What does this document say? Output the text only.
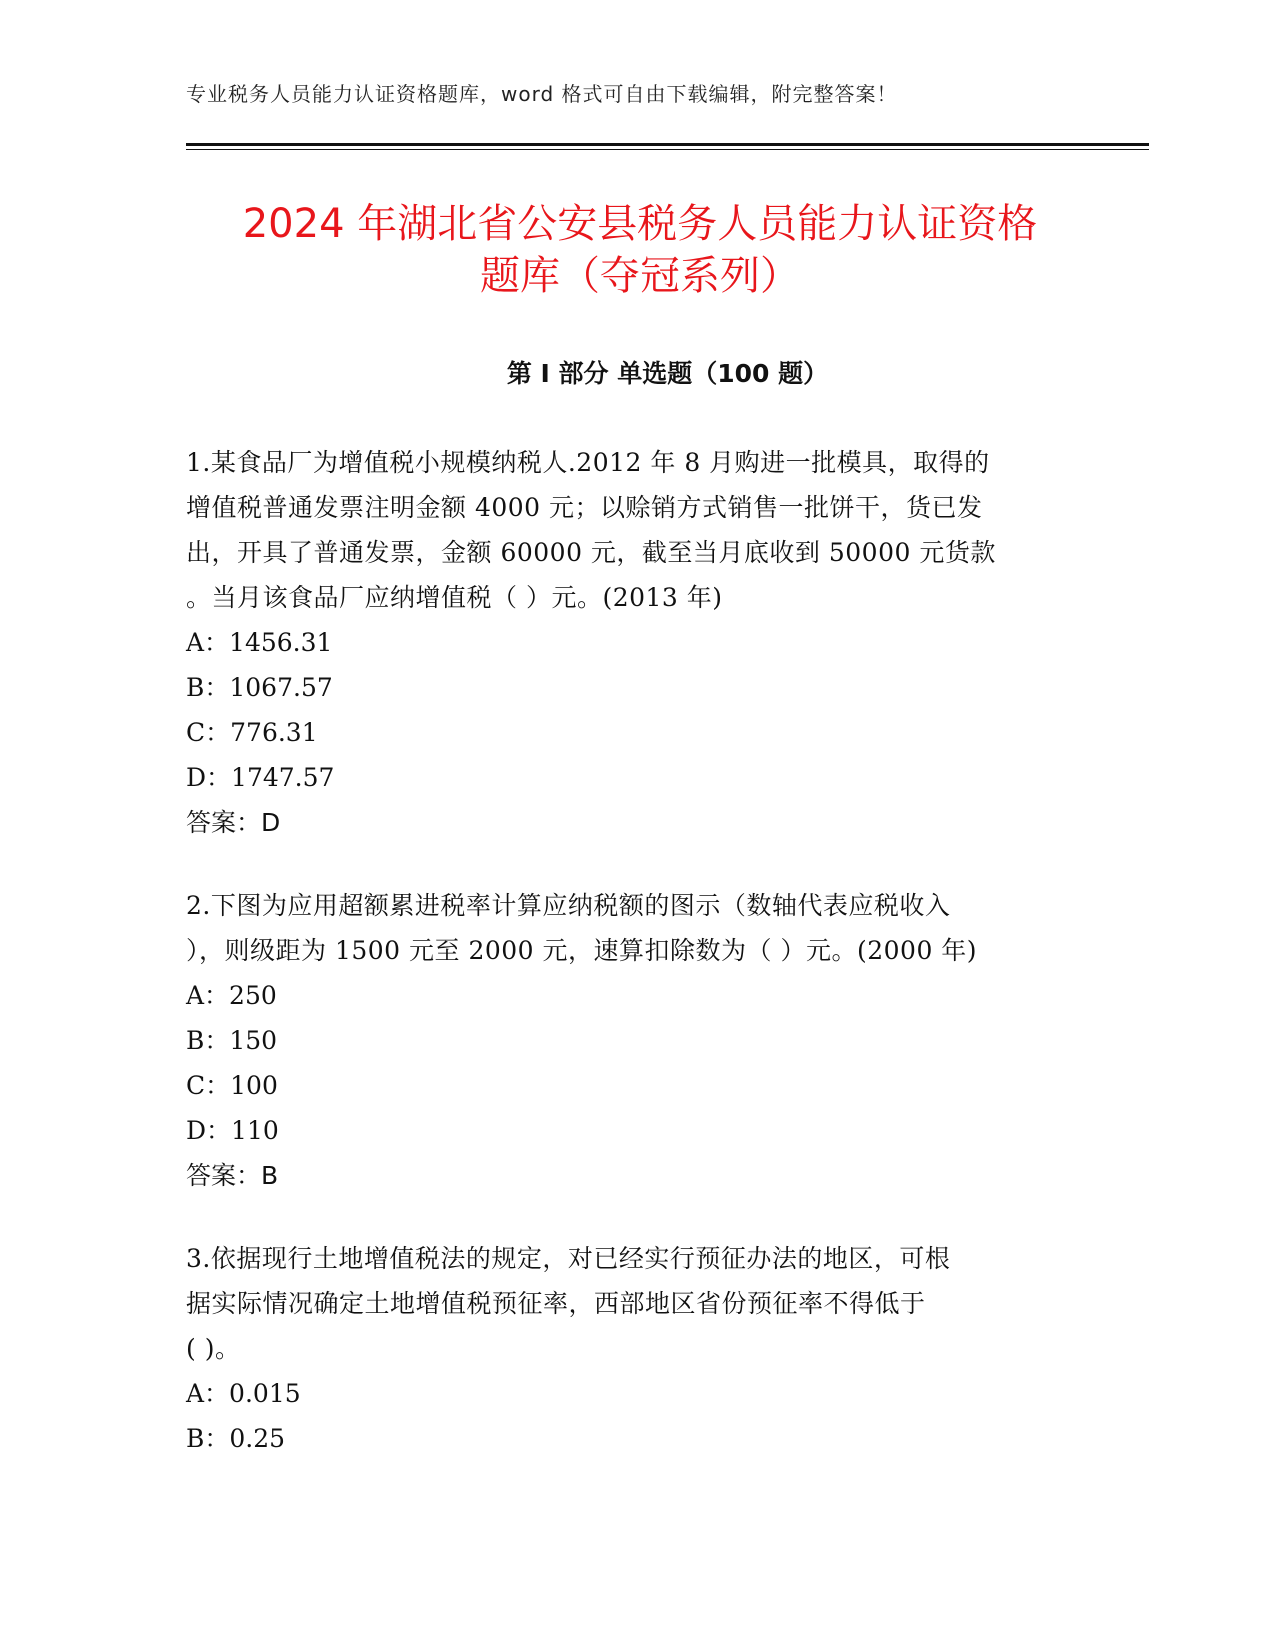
专业税务人员能力认证资格题库，word 格式可自由下载编辑，附完整答案！
2024 年湖北省公安县税务人员能力认证资格
题库（夺冠系列）
第 I 部分 单选题（100 题）

1.某食品厂为增值税小规模纳税人.2012 年 8 月购进一批模具，取得的
增值税普通发票注明金额 4000 元；以赊销方式销售一批饼干，货已发
出，开具了普通发票，金额 60000 元，截至当月底收到 50000 元货款
。当月该食品厂应纳增值税（ ）元。(2013 年)

A：1456.31

B：1067.57

C：776.31

D：1747.57

答案：D

2.下图为应用超额累进税率计算应纳税额的图示（数轴代表应税收入
），则级距为 1500 元至 2000 元，速算扣除数为（ ）元。(2000 年)

A：250

B：150

C：100

D：110

答案：B

3.依据现行土地增值税法的规定，对已经实行预征办法的地区，可根
据实际情况确定土地增值税预征率，西部地区省份预征率不得低于
( )。

A：0.015

B：0.25
